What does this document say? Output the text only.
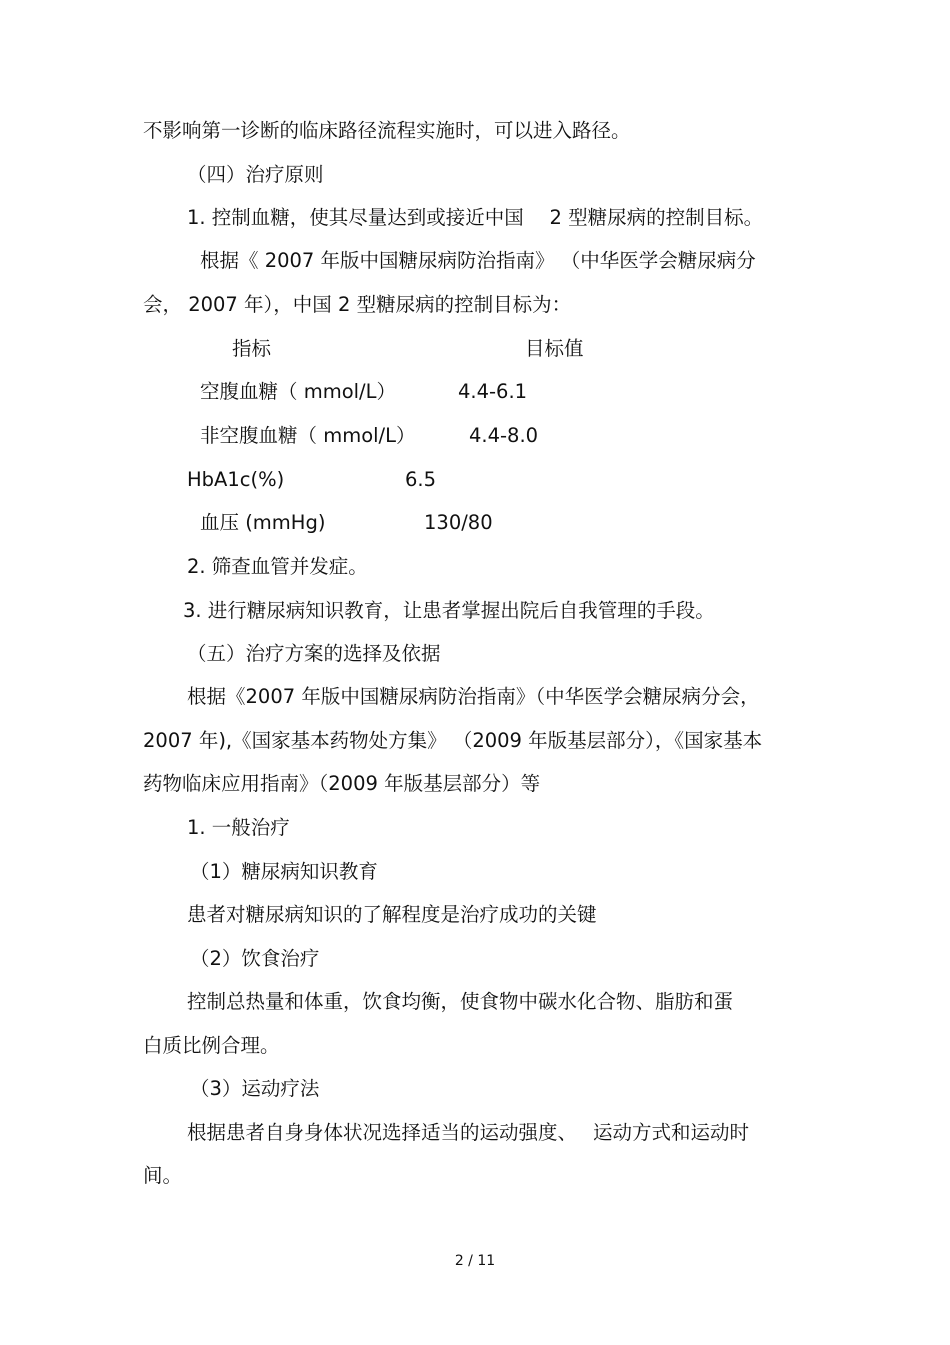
不影响第一诊断的临床路径流程实施时，可以进入路径。

（四）治疗原则

1. 控制血糖，使其尽量达到或接近中国　 2 型糖尿病的控制目标。

根据《 2007 年版中国糖尿病防治指南》 （中华医学会糖尿病分

会， 2007 年），中国 2 型糖尿病的控制目标为：

指标	目标值

空腹血糖（ mmol/L）	4.4-6.1

非空腹血糖（ mmol/L）	4.4-8.0

HbA1c(%)	6.5

血压 (mmHg)	130/80

2. 筛查血管并发症。

3. 进行糖尿病知识教育，让患者掌握出院后自我管理的手段。

（五）治疗方案的选择及依据

根据《2007 年版中国糖尿病防治指南》（中华医学会糖尿病分会，

2007 年),《国家基本药物处方集》 （2009 年版基层部分），《国家基本

药物临床应用指南》（2009 年版基层部分）等

1. 一般治疗

（1）糖尿病知识教育

患者对糖尿病知识的了解程度是治疗成功的关键

（2）饮食治疗

控制总热量和体重，饮食均衡，使食物中碳水化合物、脂肪和蛋

白质比例合理。

（3）运动疗法

根据患者自身身体状况选择适当的运动强度、　 运动方式和运动时

间。

2 / 11
